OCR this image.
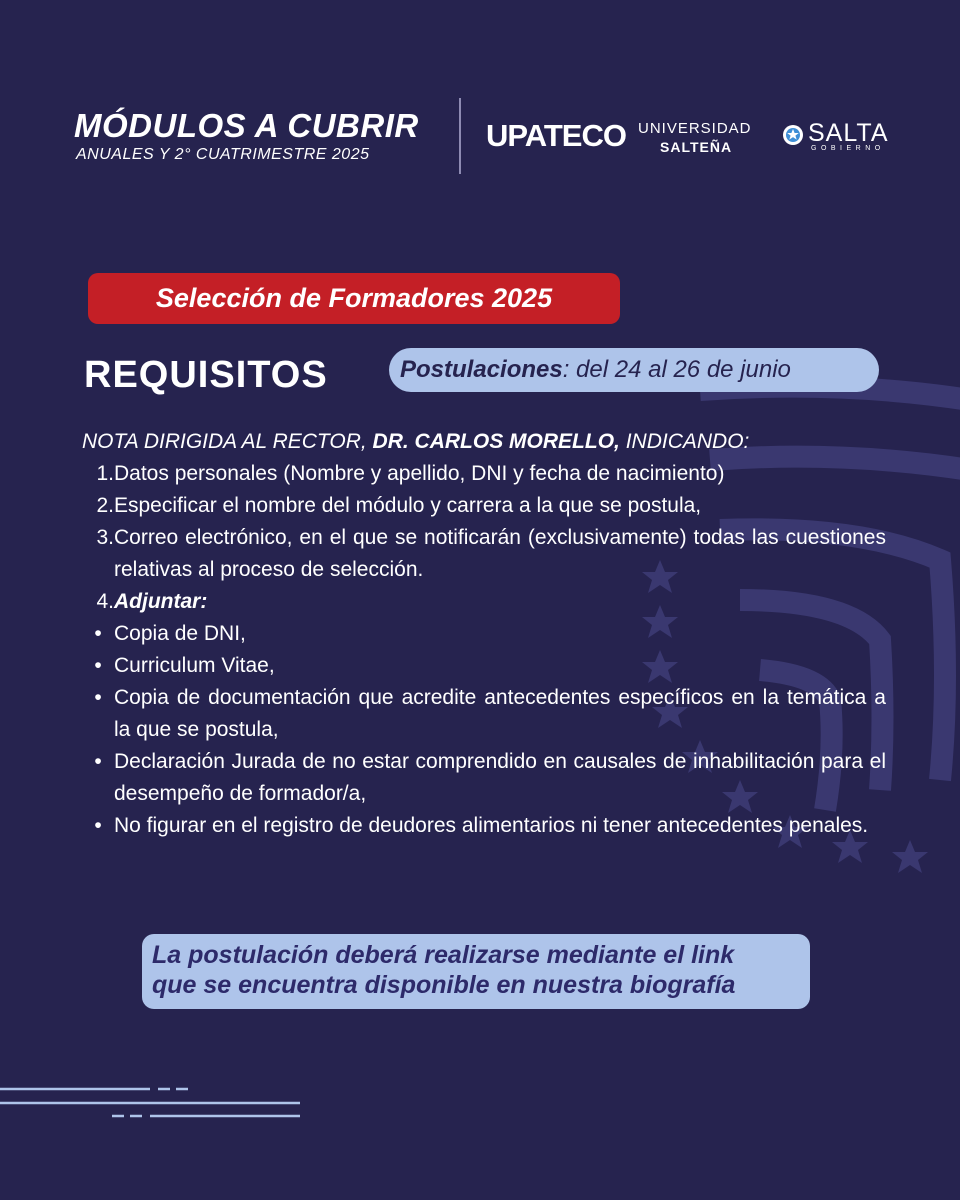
MÓDULOS A CUBRIR
ANUALES Y 2° CUATRIMESTRE 2025
UPATECO UNIVERSIDAD
SALTEÑA	SALTA
GOBIERNO
Selección de Formadores 2025
REQUISITOS	Postulaciones: del 24 al 26 de junio

NOTA DIRIGIDA AL RECTOR, DR. CARLOS MORELLO, INDICANDO:

1. Datos personales (Nombre y apellido, DNI y fecha de nacimiento)
2. Especificar el nombre del módulo y carrera a la que se postula,
3. Correo electrónico, en el que se notificarán (exclusivamente) todas las cuestiones relativas al proceso de selección.
4. Adjuntar:
• Copia de DNI,
• Curriculum Vitae,
• Copia de documentación que acredite antecedentes específicos en la temática a la que se postula,
• Declaración Jurada de no estar comprendido en causales de inhabilitación para el desempeño de formador/a,
• No figurar en el registro de deudores alimentarios ni tener antecedentes penales.
La postulación deberá realizarse mediante el link
que se encuentra disponible en nuestra biografía
